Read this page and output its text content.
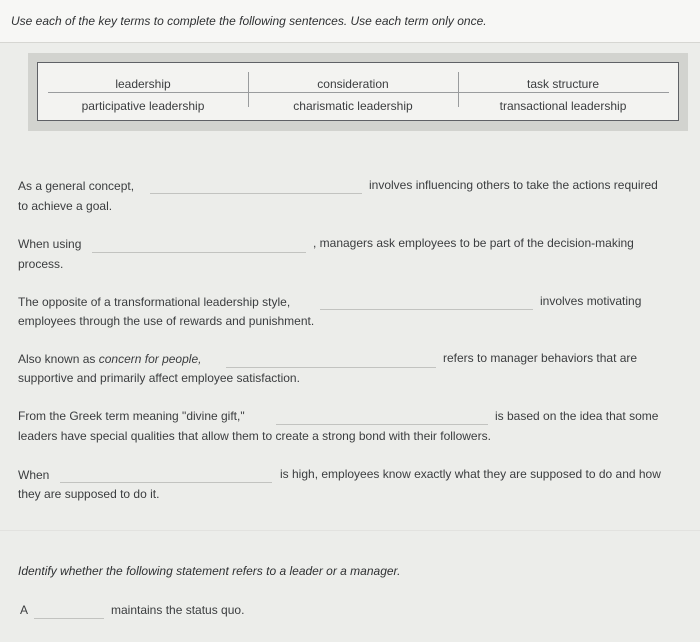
Use each of the key terms to complete the following sentences. Use each term only once.
leadership	consideration	task structure
participative leadership	charismatic leadership	transactional leadership
As a general concept,	involves influencing others to take the actions required
to achieve a goal.
When using	, managers ask employees to be part of the decision-making
process.
The opposite of a transformational leadership style,	involves motivating
employees through the use of rewards and punishment.
Also known as concern for people,	refers to manager behaviors that are
supportive and primarily affect employee satisfaction.
From the Greek term meaning "divine gift,"	is based on the idea that some
leaders have special qualities that allow them to create a strong bond with their followers.
When	is high, employees know exactly what they are supposed to do and how
they are supposed to do it.
Identify whether the following statement refers to a leader or a manager.
A	maintains the status quo.
